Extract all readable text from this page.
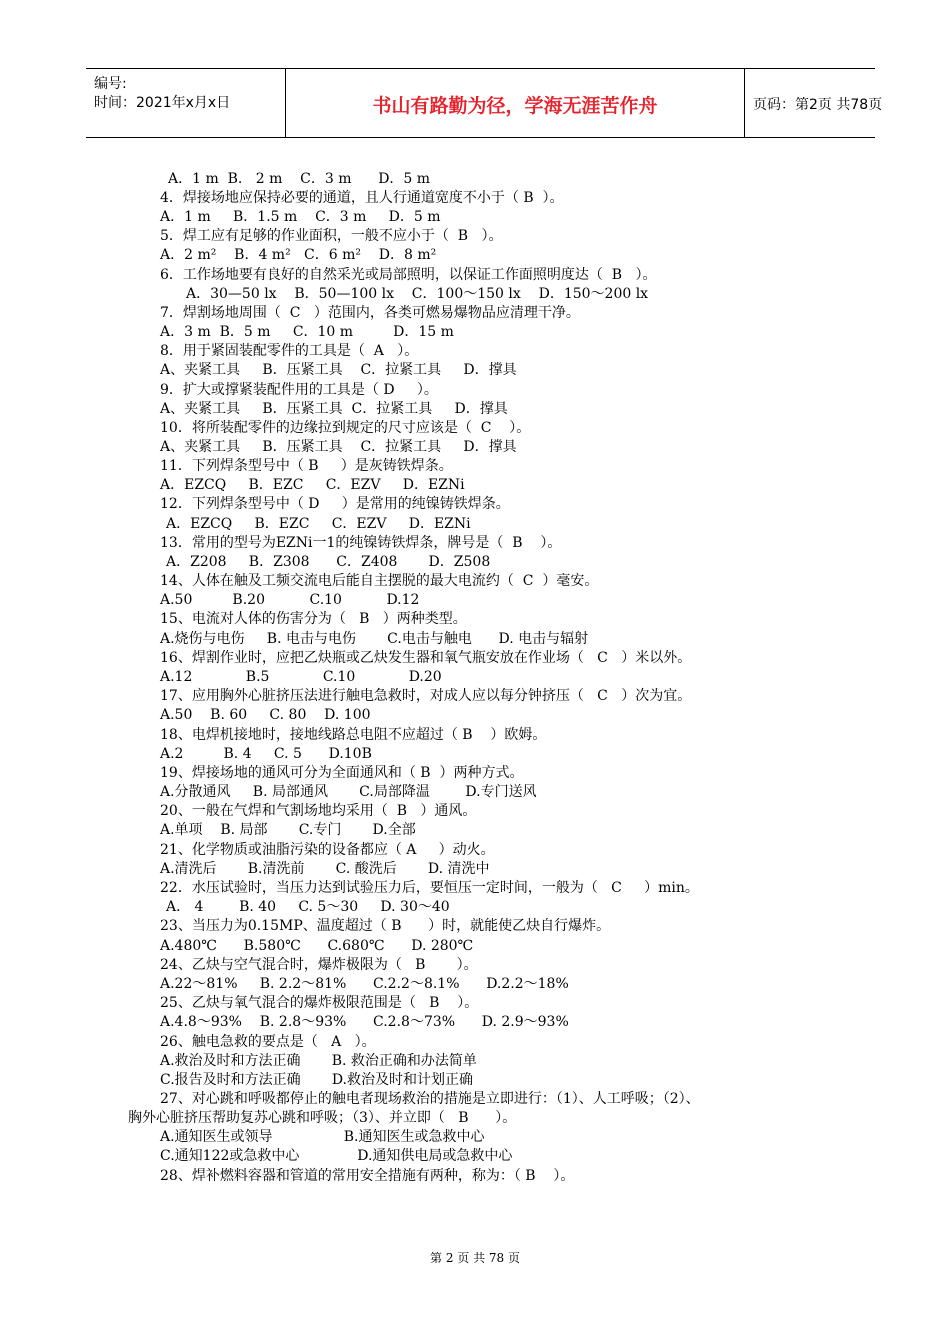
编号:
时间：2021年x月x日	书山有路勤为径，学海无涯苦作舟	页码：第2页 共78页
A．1 m  B.   2 m    C．3 m      D．5 m
4．焊接场地应保持必要的通道，且人行通道宽度不小于（ B  ）。
A．1 m     B．1.5 m    C．3 m     D．5 m
5．焊工应有足够的作业面积，一般不应小于（  B   ）。
A．2 m²    B．4 m²   C．6 m²    D．8 m²
6．工作场地要有良好的自然采光或局部照明，以保证工作面照明度达（  B   ）。
A．30—50 lx    B．50—100 lx    C．100～150 lx    D．150～200 lx
7．焊割场地周围（  C   ）范围内，各类可燃易爆物品应清理干净。
A．3 m  B．5 m     C．10 m         D．15 m
8．用于紧固装配零件的工具是（  A   ）。
A、夹紧工具     B．压紧工具    C．拉紧工具     D．撑具
9．扩大或撑紧装配件用的工具是（ D     ）。
A、夹紧工具     B．压紧工具  C．拉紧工具     D．撑具
10．将所装配零件的边缘拉到规定的尺寸应该是（  C    ）。
A、夹紧工具     B．压紧工具    C．拉紧工具     D．撑具
11．下列焊条型号中（ B     ）是灰铸铁焊条。
A．EZCQ     B．EZC     C．EZV     D．EZNi
12．下列焊条型号中（ D     ）是常用的纯镍铸铁焊条。
A．EZCQ     B．EZC     C．EZV     D．EZNi
13．常用的型号为EZNi一1的纯镍铸铁焊条，牌号是（  B    ）。
A．Z208     B．Z308      C．Z408       D．Z508
14、人体在触及工频交流电后能自主摆脱的最大电流约（  C  ）毫安。
A.50         B.20          C.10          D.12
15、电流对人体的伤害分为（   B   ）两种类型。
A.烧伤与电伤     B. 电击与电伤       C.电击与触电      D. 电击与辐射
16、焊割作业时，应把乙炔瓶或乙炔发生器和氧气瓶安放在作业场（   C   ）米以外。
A.12            B.5            C.10            D.20
17、应用胸外心脏挤压法进行触电急救时，对成人应以每分钟挤压（   C   ）次为宜。
A.50    B. 60     C. 80    D. 100
18、电焊机接地时，接地线路总电阻不应超过（ B    ）欧姆。
A.2         B. 4     C. 5      D.10B
19、焊接场地的通风可分为全面通风和（ B  ）两种方式。
A.分散通风     B. 局部通风       C.局部降温        D.专门送风
20、一般在气焊和气割场地均采用（  B   ）通风。
A.单项    B. 局部       C.专门       D.全部
21、化学物质或油脂污染的设备都应（ A     ）动火。
A.清洗后       B.清洗前       C. 酸洗后       D. 清洗中
22．水压试验时，当压力达到试验压力后，要恒压一定时间，一般为（   C     ）min。
A． 4        B. 40     C. 5～30     D. 30～40
23、当压力为0.15MP、温度超过（ B      ）时，就能使乙炔自行爆炸。
A.480℃      B.580℃      C.680℃      D. 280℃
24、乙炔与空气混合时，爆炸极限为（   B       ）。
A.22～81%     B. 2.2～81%      C.2.2～8.1%      D.2.2～18%
25、乙炔与氧气混合的爆炸极限范围是（   B    ）。
A.4.8～93%    B. 2.8～93%      C.2.8～73%      D. 2.9～93%
26、触电急救的要点是（   A   ）。
A.救治及时和方法正确       B. 救治正确和办法简单
C.报告及时和方法正确       D.救治及时和计划正确
27、对心跳和呼吸都停止的触电者现场救治的措施是立即进行：（1）、人工呼吸；（2）、
胸外心脏挤压帮助复苏心跳和呼吸；（3）、并立即（   B      ）。
A.通知医生或领导                B.通知医生或急救中心
C.通知122或急救中心             D.通知供电局或急救中心
28、焊补燃料容器和管道的常用安全措施有两种，称为：（ B    ）。
第 2 页 共 78 页
